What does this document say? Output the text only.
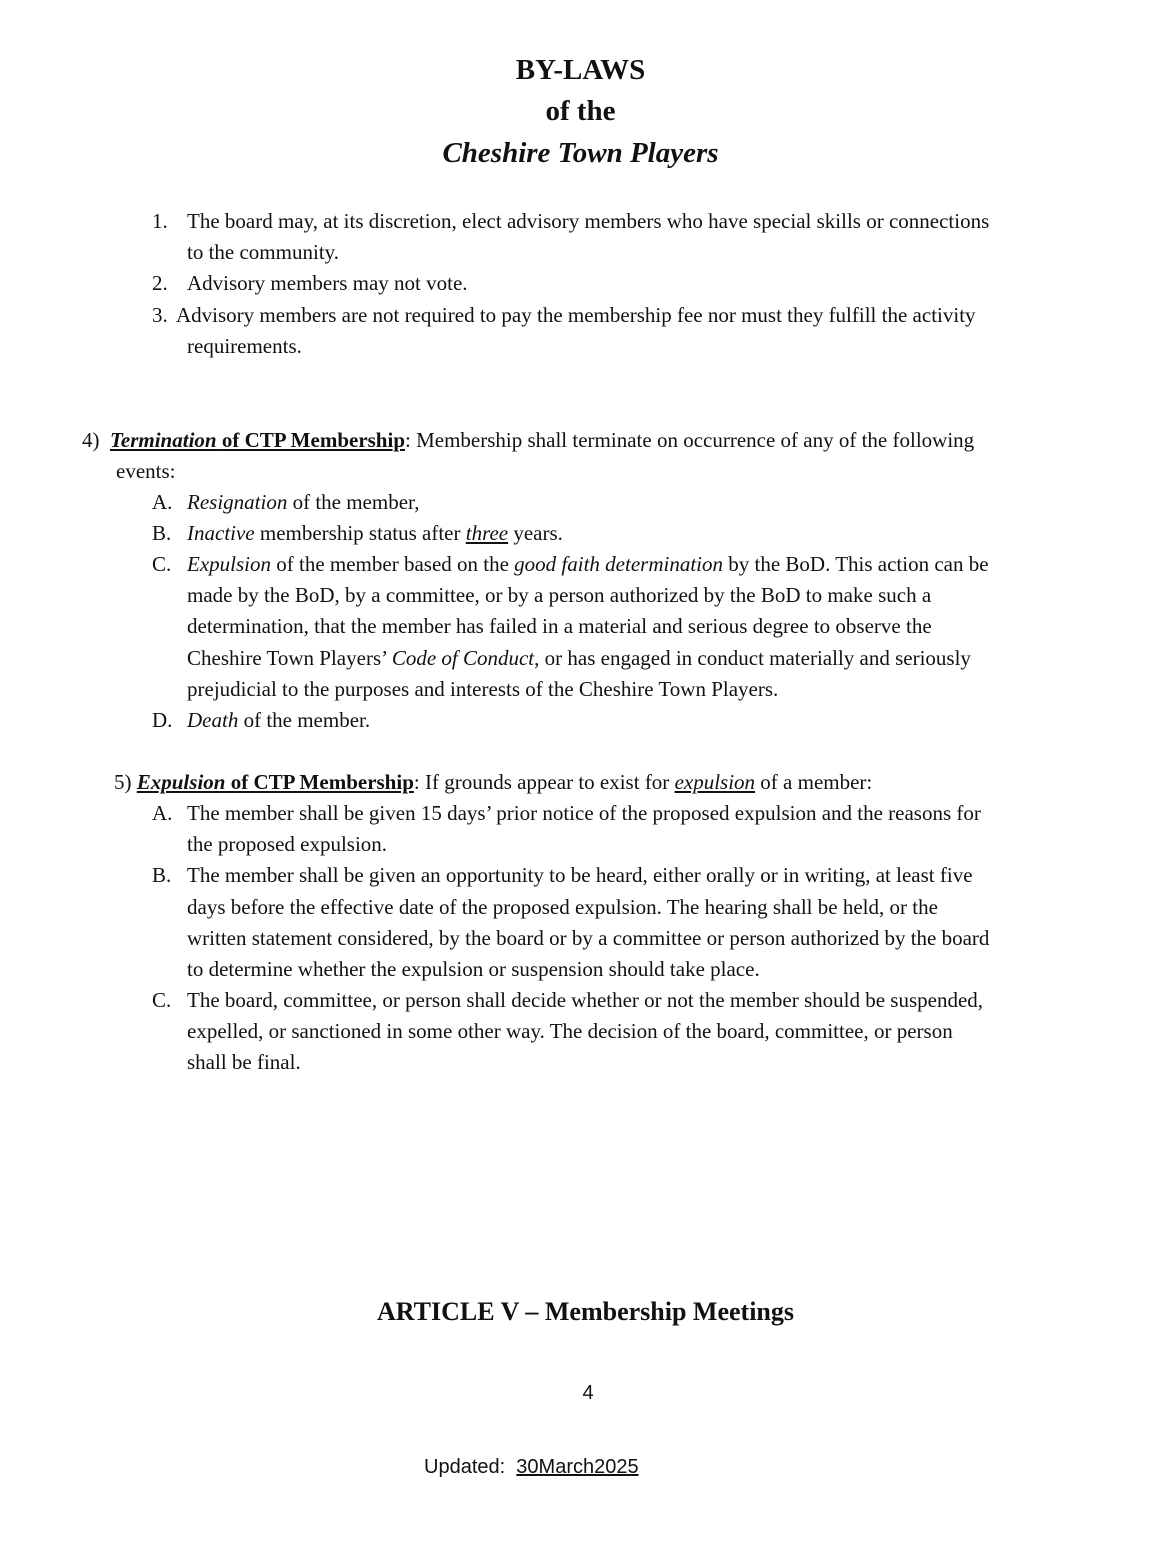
BY-LAWS
of the
Cheshire Town Players
1. The board may, at its discretion, elect advisory members who have special skills or connections
to the community.
2. Advisory members may not vote.
3. Advisory members are not required to pay the membership fee nor must they fulfill the activity
requirements.
4) Termination of CTP Membership: Membership shall terminate on occurrence of any of the following
events:
A. Resignation of the member,
B. Inactive membership status after three years.
C. Expulsion of the member based on the good faith determination by the BoD. This action can be
made by the BoD, by a committee, or by a person authorized by the BoD to make such a
determination, that the member has failed in a material and serious degree to observe the
Cheshire Town Players’ Code of Conduct, or has engaged in conduct materially and seriously
prejudicial to the purposes and interests of the Cheshire Town Players.
D. Death of the member.
5) Expulsion of CTP Membership: If grounds appear to exist for expulsion of a member:
A. The member shall be given 15 days’ prior notice of the proposed expulsion and the reasons for
the proposed expulsion.
B. The member shall be given an opportunity to be heard, either orally or in writing, at least five
days before the effective date of the proposed expulsion. The hearing shall be held, or the
written statement considered, by the board or by a committee or person authorized by the board
to determine whether the expulsion or suspension should take place.
C. The board, committee, or person shall decide whether or not the member should be suspended,
expelled, or sanctioned in some other way. The decision of the board, committee, or person
shall be final.
ARTICLE V – Membership Meetings
4
Updated: 30March2025
